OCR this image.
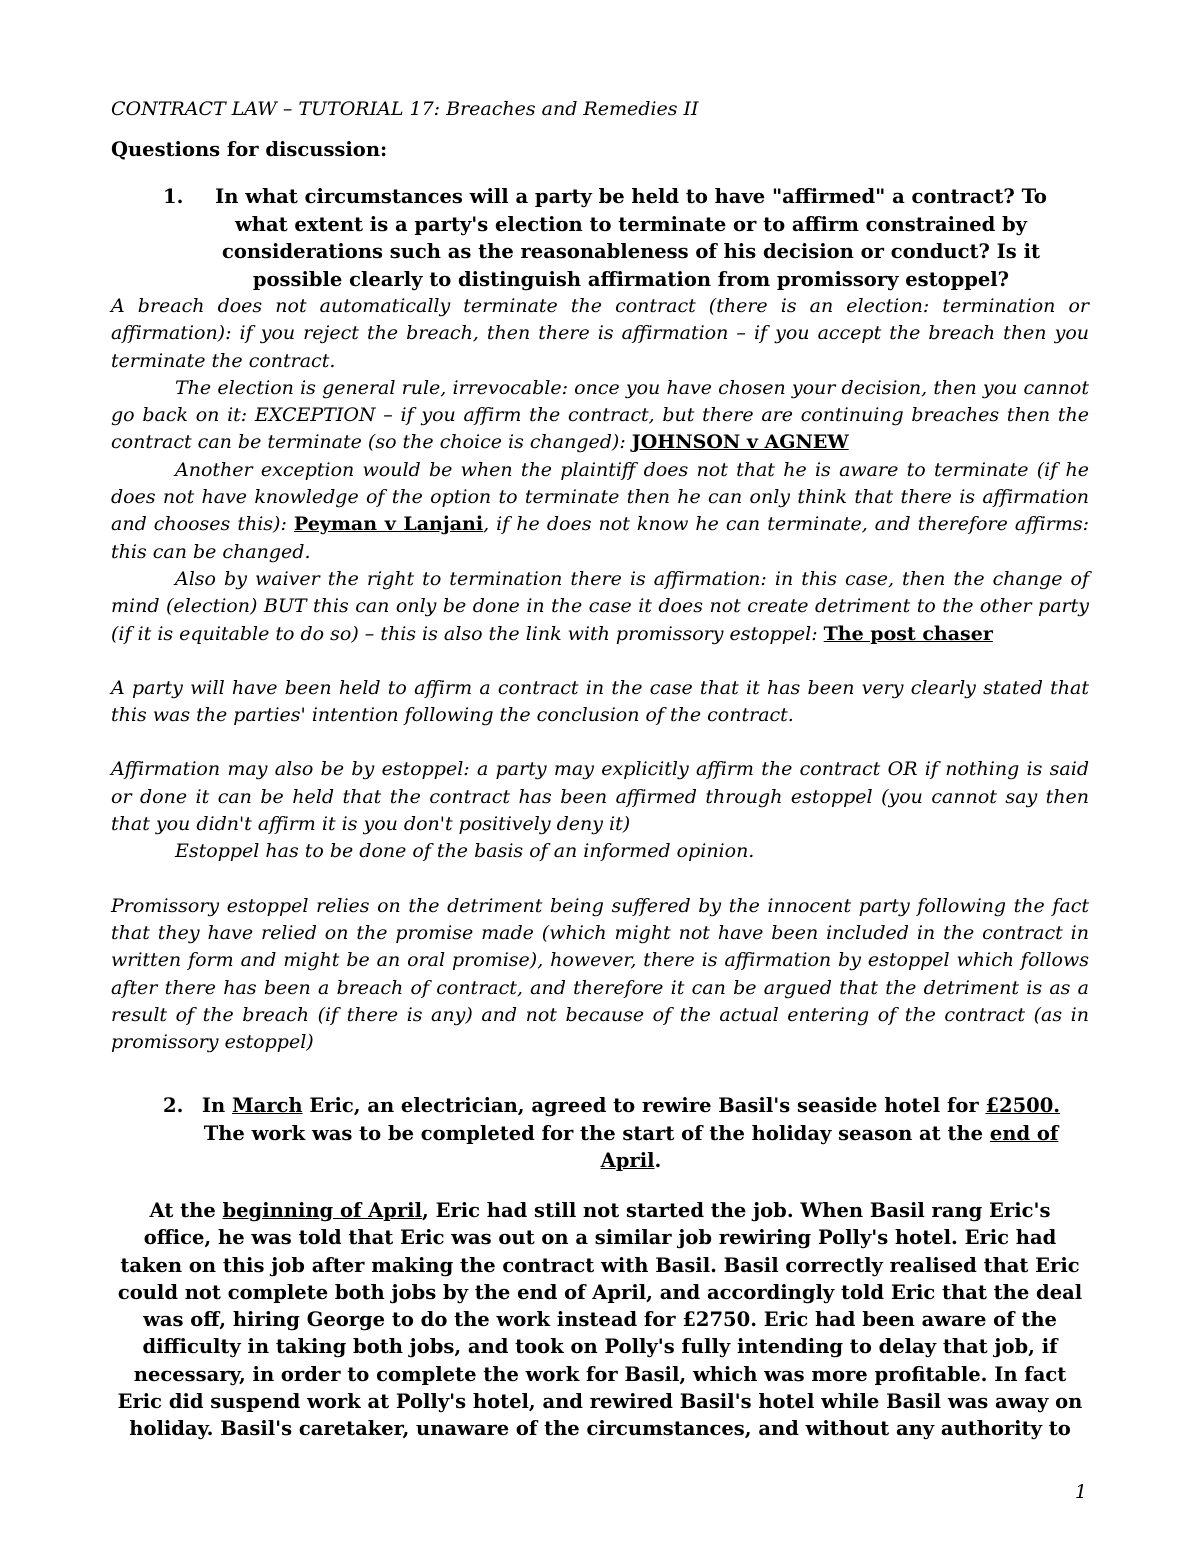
CONTRACT LAW – TUTORIAL 17: Breaches and Remedies II

Questions for discussion:

1. In what circumstances will a party be held to have "affirmed" a contract? To what extent is a party's election to terminate or to affirm constrained by considerations such as the reasonableness of his decision or conduct? Is it possible clearly to distinguish affirmation from promissory estoppel?

A breach does not automatically terminate the contract (there is an election: termination or affirmation): if you reject the breach, then there is affirmation – if you accept the breach then you terminate the contract.

The election is general rule, irrevocable: once you have chosen your decision, then you cannot go back on it: EXCEPTION – if you affirm the contract, but there are continuing breaches then the contract can be terminate (so the choice is changed): JOHNSON v AGNEW

Another exception would be when the plaintiff does not that he is aware to terminate (if he does not have knowledge of the option to terminate then he can only think that there is affirmation and chooses this): Peyman v Lanjani, if he does not know he can terminate, and therefore affirms: this can be changed.

Also by waiver the right to termination there is affirmation: in this case, then the change of mind (election) BUT this can only be done in the case it does not create detriment to the other party (if it is equitable to do so) – this is also the link with promissory estoppel: The post chaser

A party will have been held to affirm a contract in the case that it has been very clearly stated that this was the parties' intention following the conclusion of the contract.

Affirmation may also be by estoppel: a party may explicitly affirm the contract OR if nothing is said or done it can be held that the contract has been affirmed through estoppel (you cannot say then that you didn't affirm it is you don't positively deny it)

Estoppel has to be done of the basis of an informed opinion.

Promissory estoppel relies on the detriment being suffered by the innocent party following the fact that they have relied on the promise made (which might not have been included in the contract in written form and might be an oral promise), however, there is affirmation by estoppel which follows after there has been a breach of contract, and therefore it can be argued that the detriment is as a result of the breach (if there is any) and not because of the actual entering of the contract (as in promissory estoppel)

2. In March Eric, an electrician, agreed to rewire Basil's seaside hotel for £2500. The work was to be completed for the start of the holiday season at the end of April.

At the beginning of April, Eric had still not started the job. When Basil rang Eric's office, he was told that Eric was out on a similar job rewiring Polly's hotel. Eric had taken on this job after making the contract with Basil. Basil correctly realised that Eric could not complete both jobs by the end of April, and accordingly told Eric that the deal was off, hiring George to do the work instead for £2750. Eric had been aware of the difficulty in taking both jobs, and took on Polly's fully intending to delay that job, if necessary, in order to complete the work for Basil, which was more profitable. In fact Eric did suspend work at Polly's hotel, and rewired Basil's hotel while Basil was away on holiday. Basil's caretaker, unaware of the circumstances, and without any authority to

1
